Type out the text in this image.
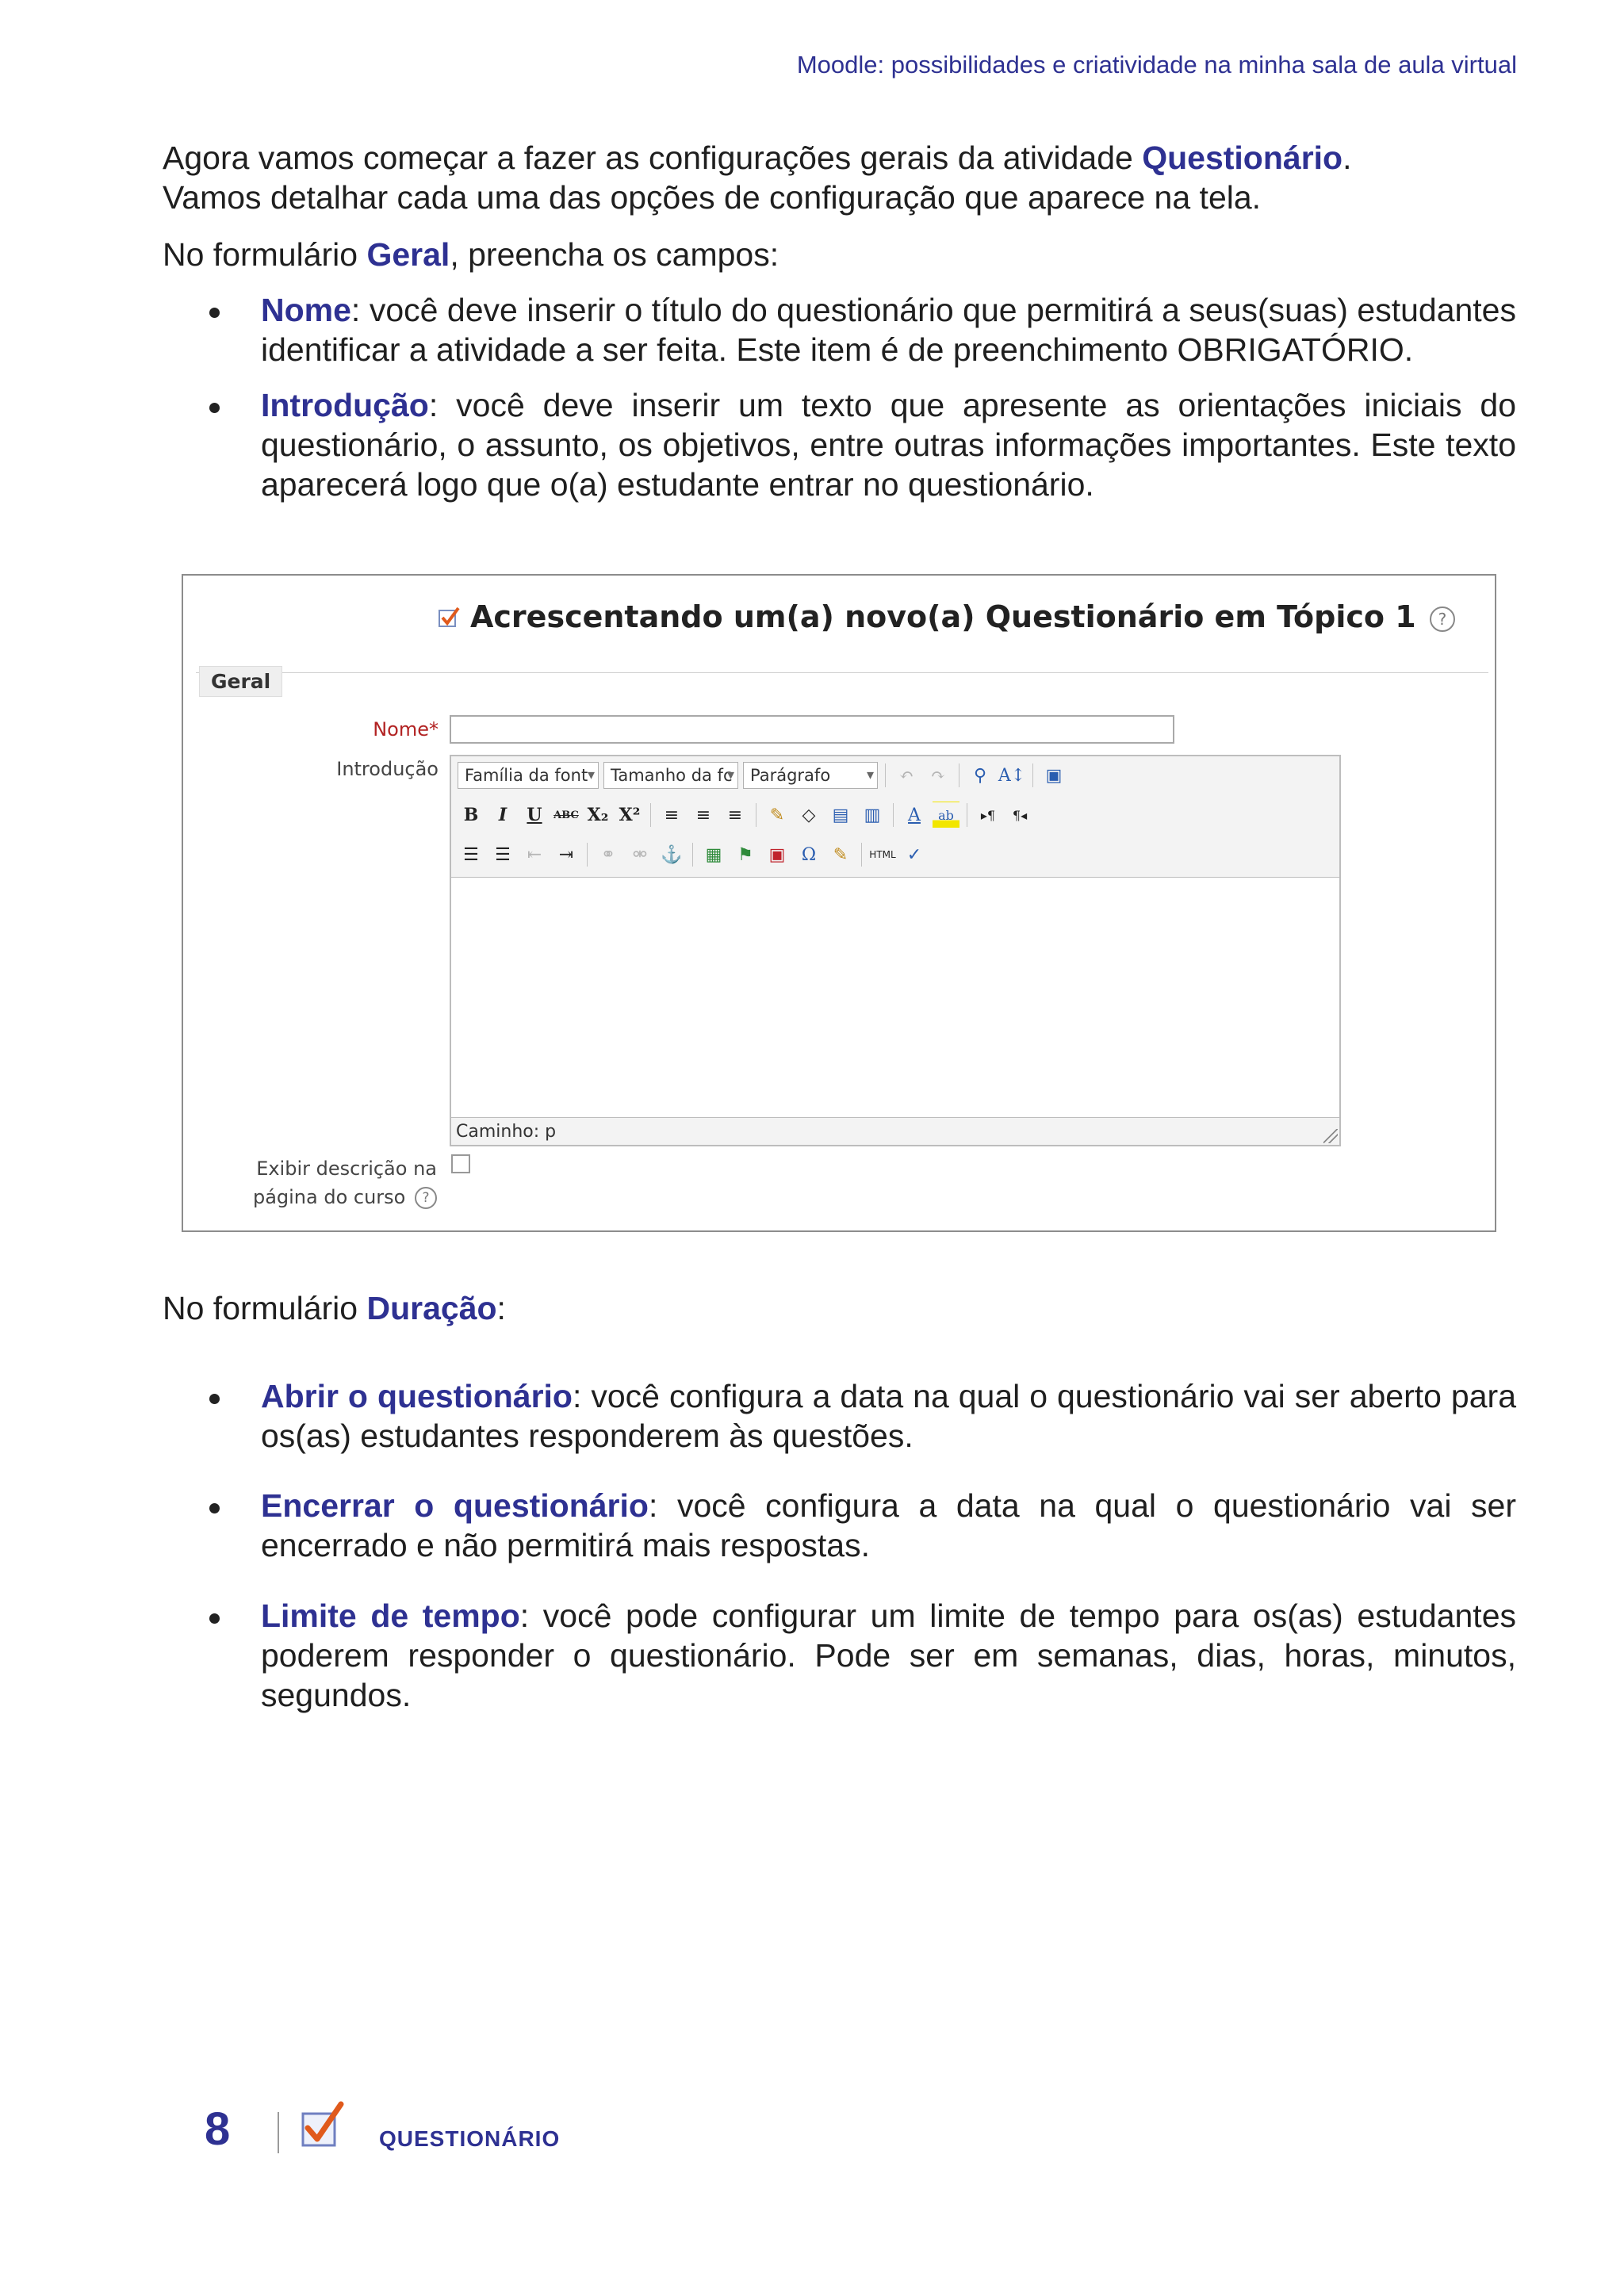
Moodle: possibilidades e criatividade na minha sala de aula virtual
Agora vamos começar a fazer as configurações gerais da atividade Questionário.
Vamos detalhar cada uma das opções de configuração que aparece na tela.
No formulário Geral, preencha os campos:
Nome: você deve inserir o título do questionário que permitirá a seus(suas) estudantes identificar a atividade a ser feita. Este item é de preenchimento OBRIGATÓRIO.
Introdução: você deve inserir um texto que apresente as orientações iniciais do questionário, o assunto, os objetivos, entre outras informações importantes. Este texto aparecerá logo que o(a) estudante entrar no questionário.
Acrescentando um(a) novo(a) Questionário em Tópico 1 ?
Geral
Nome*
Introdução	Família da font ▾	Tamanho da fc ▾	Parágrafo ▾	↶ ↷	⚲ A↕ ▣
B	I	U	ABC X₂ X²	≡ ≡ ≡	✎	◇ ▤ ▥	A	ab	▸¶	¶◂
☰ ☰ ⇤ ⇥	⚭ ⚮ ⚓ ▦ ⚑ ▣ Ω ✎	HTML ✓
Caminho: p
Exibir descrição na
página do curso ?
No formulário Duração:
Abrir o questionário: você configura a data na qual o questionário vai ser aberto para os(as) estudantes responderem às questões.
Encerrar o questionário: você configura a data na qual o questionário vai ser encerrado e não permitirá mais respostas.
Limite de tempo: você pode configurar um limite de tempo para os(as) estudantes poderem responder o questionário. Pode ser em semanas, dias, horas, minutos, segundos.
8	QUESTIONÁRIO
